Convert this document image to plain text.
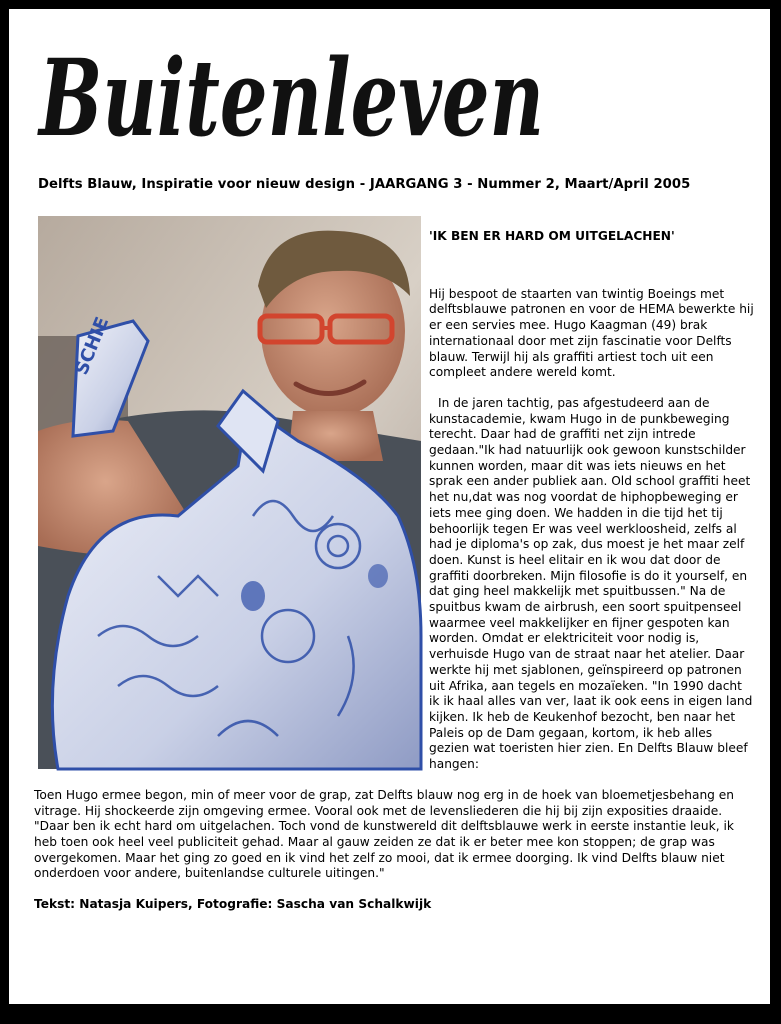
Buitenleven

Delfts Blauw, Inspiratie voor nieuw design - JAARGANG 3 - Nummer 2, Maart/April 2005

SCHIE

'IK BEN ER HARD OM UITGELACHEN'

Hij bespoot de staarten van twintig Boeings met delftsblauwe patronen en voor de HEMA bewerkte hij er een servies mee. Hugo Kaagman (49) brak internationaal door met zijn fascinatie voor Delfts blauw. Terwijl hij als graffiti artiest toch uit een compleet andere wereld komt.

In de jaren tachtig, pas afgestudeerd aan de kunstacademie, kwam Hugo in de punkbeweging terecht. Daar had de graffiti net zijn intrede gedaan."Ik had natuurlijk ook gewoon kunstschilder kunnen worden, maar dit was iets nieuws en het sprak een ander publiek aan. Old school graffiti heet het nu,dat was nog voordat de hiphopbeweging er iets mee ging doen. We hadden in die tijd het tij behoorlijk tegen Er was veel werkloosheid, zelfs al had je diploma's op zak, dus moest je het maar zelf doen. Kunst is heel elitair en ik wou dat door de graffiti doorbreken. Mijn filosofie is do it yourself, en dat ging heel makkelijk met spuitbussen." Na de spuitbus kwam de airbrush, een soort spuitpenseel waarmee veel makkelijker en fijner gespoten kan worden. Omdat er elektriciteit voor nodig is, verhuisde Hugo van de straat naar het atelier. Daar werkte hij met sjablonen, geïnspireerd op patronen uit Afrika, aan tegels en mozaïeken. "In 1990 dacht ik ik haal alles van ver, laat ik ook eens in eigen land kijken. Ik heb de Keukenhof bezocht, ben naar het Paleis op de Dam gegaan, kortom, ik heb alles gezien wat toeristen hier zien. En Delfts Blauw bleef hangen:

Toen Hugo ermee begon, min of meer voor de grap, zat Delfts blauw nog erg in de hoek van bloemetjesbehang en vitrage. Hij shockeerde zijn omgeving ermee. Vooral ook met de levensliederen die hij bij zijn exposities draaide. "Daar ben ik echt hard om uitgelachen. Toch vond de kunstwereld dit delftsblauwe werk in eerste instantie leuk, ik heb toen ook heel veel publiciteit gehad. Maar al gauw zeiden ze dat ik er beter mee kon stoppen; de grap was overgekomen. Maar het ging zo goed en ik vind het zelf zo mooi, dat ik ermee doorging. Ik vind Delfts blauw niet onderdoen voor andere, buitenlandse culturele uitingen."

Tekst: Natasja Kuipers, Fotografie: Sascha van Schalkwijk
